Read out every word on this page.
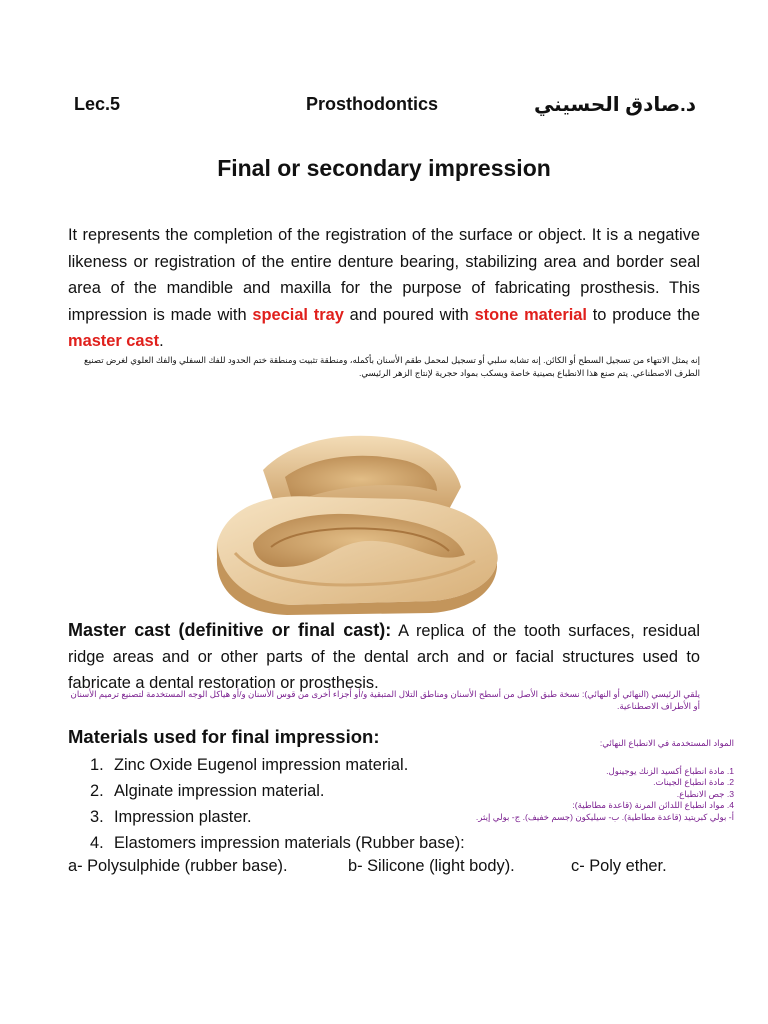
Lec.5	Prosthodontics	د.صادق الحسيني
Final or secondary impression
It represents the completion of the registration of the surface or object. It is a negative likeness or registration of the entire denture bearing, stabilizing area and border seal area of the mandible and maxilla for the purpose of fabricating prosthesis. This impression is made with special tray and poured with stone material to produce the master cast.
إنه يمثل الانتهاء من تسجيل السطح أو الكائن. إنه تشابه سلبي أو تسجيل لمحمل طقم الأسنان بأكمله، ومنطقة تثبيت ومنطقة ختم الحدود للفك السفلي والفك العلوي لغرض تصنيع الطرف الاصطناعي. يتم صنع هذا الانطباع بصينية خاصة ويسكب بمواد حجرية لإنتاج الزهر الرئيسي.
Master cast (definitive or final cast): A replica of the tooth surfaces, residual ridge areas and or other parts of the dental arch and or facial structures used to fabricate a dental restoration or prosthesis.
يلقي الرئيسي (النهائي أو النهائي): نسخة طبق الأصل من أسطح الأسنان ومناطق التلال المتبقية و/أو أجزاء أخرى من قوس الأسنان و/أو هياكل الوجه المستخدمة لتصنيع ترميم الأسنان أو الأطراف الاصطناعية.
Materials used for final impression:
1. Zinc Oxide Eugenol impression material.
2. Alginate impression material.
3. Impression plaster.
4. Elastomers impression materials (Rubber base):
المواد المستخدمة في الانطباع النهائي:
1. مادة انطباع أكسيد الزنك يوجينول.
2. مادة انطباع الجينات.
3. جص الانطباع.
4. مواد انطباع اللدائن المرنة (قاعدة مطاطية):
أ- بولي كبريتيد (قاعدة مطاطية). ب- سيليكون (جسم خفيف). ج- بولي إيثر.
a- Polysulphide (rubber base).	b- Silicone (light body).	c- Poly ether.
